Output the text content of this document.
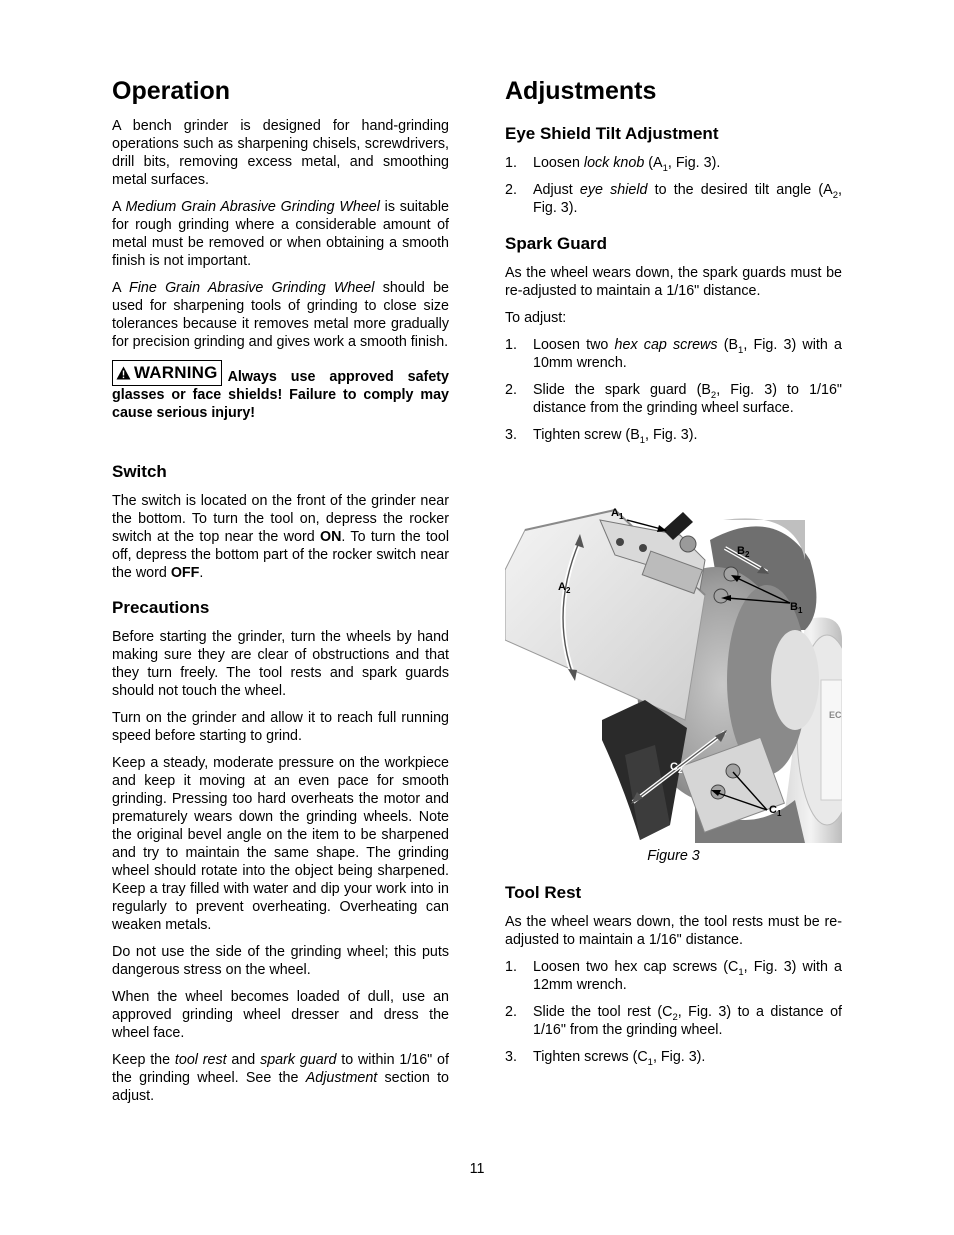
Operation

A bench grinder is designed for hand-grinding operations such as sharpening chisels, screwdrivers, drill bits, removing excess metal, and smoothing metal surfaces.

A Medium Grain Abrasive Grinding Wheel is suitable for rough grinding where a considerable amount of metal must be removed or when obtaining a smooth finish is not important.

A Fine Grain Abrasive Grinding Wheel should be used for sharpening tools of grinding to close size tolerances because it removes metal more gradually for precision grinding and gives work a smooth finish.

WARNING Always use approved safety glasses or face shields! Failure to comply may cause serious injury!
Switch

The switch is located on the front of the grinder near the bottom. To turn the tool on, depress the rocker switch at the top near the word ON. To turn the tool off, depress the bottom part of the rocker switch near the word OFF.

Precautions

Before starting the grinder, turn the wheels by hand making sure they are clear of obstructions and that they turn freely. The tool rests and spark guards should not touch the wheel.

Turn on the grinder and allow it to reach full running speed before starting to grind.

Keep a steady, moderate pressure on the workpiece and keep it moving at an even pace for smooth grinding. Pressing too hard overheats the motor and prematurely wears down the grinding wheels. Note the original bevel angle on the item to be sharpened and try to maintain the same shape. The grinding wheel should rotate into the object being sharpened. Keep a tray filled with water and dip your work into in regularly to prevent overheating. Overheating can weaken metals.

Do not use the side of the grinding wheel; this puts dangerous stress on the wheel.

When the wheel becomes loaded of dull, use an approved grinding wheel dresser and dress the wheel face.

Keep the tool rest and spark guard to within 1/16" of the grinding wheel. See the Adjustment section to adjust.

Adjustments
Eye Shield Tilt Adjustment
1.	Loosen lock knob ($A_1$, Fig. 3).
2.	Adjust eye shield to the desired tilt angle ($A_2$, Fig. 3).
Spark Guard

As the wheel wears down, the spark guards must be re-adjusted to maintain a 1/16" distance.

To adjust:

1.	Loosen two hex cap screws ($B_1$, Fig. 3) with a 10mm wrench.
2.	Slide the spark guard ($B_2$, Fig. 3) to 1/16" distance from the grinding wheel surface.
3.	Tighten screw ($B_1$, Fig. 3).
EC
$A_1$
$B_2$
$A_2$
$B_1$
$C_2$
$C_1$
Figure 3
Tool Rest

As the wheel wears down, the tool rests must be re-adjusted to maintain a 1/16" distance.

1.	Loosen two hex cap screws ($C_1$, Fig. 3) with a 12mm wrench.
2.	Slide the tool rest ($C_2$, Fig. 3) to a distance of 1/16" from the grinding wheel.
3.	Tighten screws ($C_1$, Fig. 3).
11
